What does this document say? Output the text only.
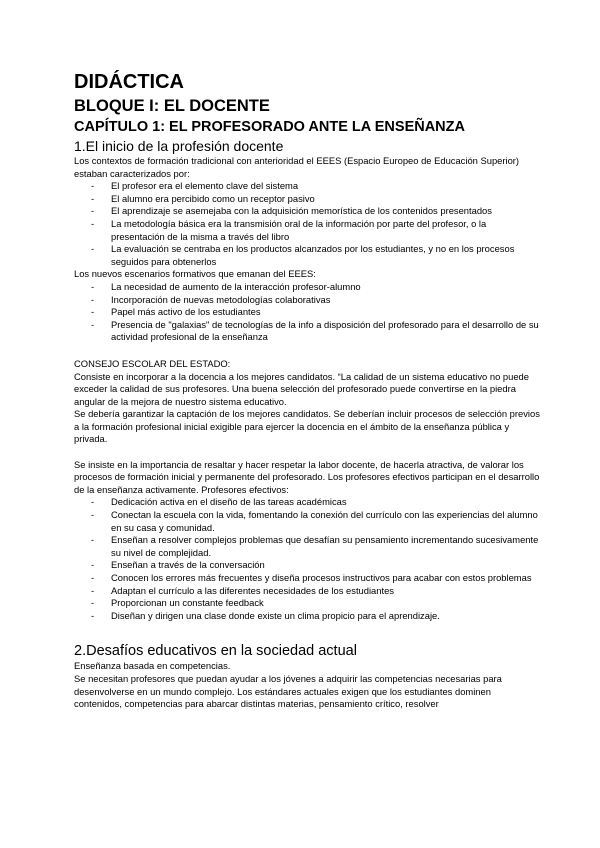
DIDÁCTICA
BLOQUE I: EL DOCENTE
CAPÍTULO 1: EL PROFESORADO ANTE LA ENSEÑANZA
1.El inicio de la profesión docente

Los contextos de formación tradicional con anterioridad el EEES (Espacio Europeo de Educación Superior) estaban caracterizados por:

- El profesor era el elemento clave del sistema
- El alumno era percibido como un receptor pasivo
- El aprendizaje se asemejaba con la adquisición memorística de los contenidos presentados
- La metodología básica era la transmisión oral de la información por parte del profesor, o la presentación de la misma a través del libro
- La evaluación se centraba en los productos alcanzados por los estudiantes, y no en los procesos seguidos para obtenerlos

Los nuevos escenarios formativos que emanan del EEES:

- La necesidad de aumento de la interacción profesor-alumno
- Incorporación de nuevas metodologías colaborativas
- Papel más activo de los estudiantes
- Presencia de "galaxias" de tecnologías de la info a disposición del profesorado para el desarrollo de su actividad profesional de la enseñanza

CONSEJO ESCOLAR DEL ESTADO:

Consiste en incorporar a la docencia a los mejores candidatos. “La calidad de un sistema educativo no puede exceder la calidad de sus profesores. Una buena selección del profesorado puede convertirse en la piedra angular de la mejora de nuestro sistema educativo.

Se debería garantizar la captación de los mejores candidatos. Se deberían incluir procesos de selección previos a la formación profesional inicial exigible para ejercer la docencia en el ámbito de la enseñanza pública y privada.

Se insiste en la importancia de resaltar y hacer respetar la labor docente, de hacerla atractiva, de valorar los procesos de formación inicial y permanente del profesorado. Los profesores efectivos participan en el desarrollo de la enseñanza activamente. Profesores efectivos:

- Dedicación activa en el diseño de las tareas académicas
- Conectan la escuela con la vida, fomentando la conexión del currículo con las experiencias del alumno en su casa y comunidad.
- Enseñan a resolver complejos problemas que desafían su pensamiento incrementando sucesivamente su nivel de complejidad.
- Enseñan a través de la conversación
- Conocen los errores más frecuentes y diseña procesos instructivos para acabar con estos problemas
- Adaptan el currículo a las diferentes necesidades de los estudiantes
- Proporcionan un constante feedback
- Diseñan y dirigen una clase donde existe un clima propicio para el aprendizaje.
2.Desafíos educativos en la sociedad actual

Enseñanza basada en competencias.

Se necesitan profesores que puedan ayudar a los jóvenes a adquirir las competencias necesarias para desenvolverse en un mundo complejo. Los estándares actuales exigen que los estudiantes dominen contenidos, competencias para abarcar distintas materias, pensamiento crítico, resolver
